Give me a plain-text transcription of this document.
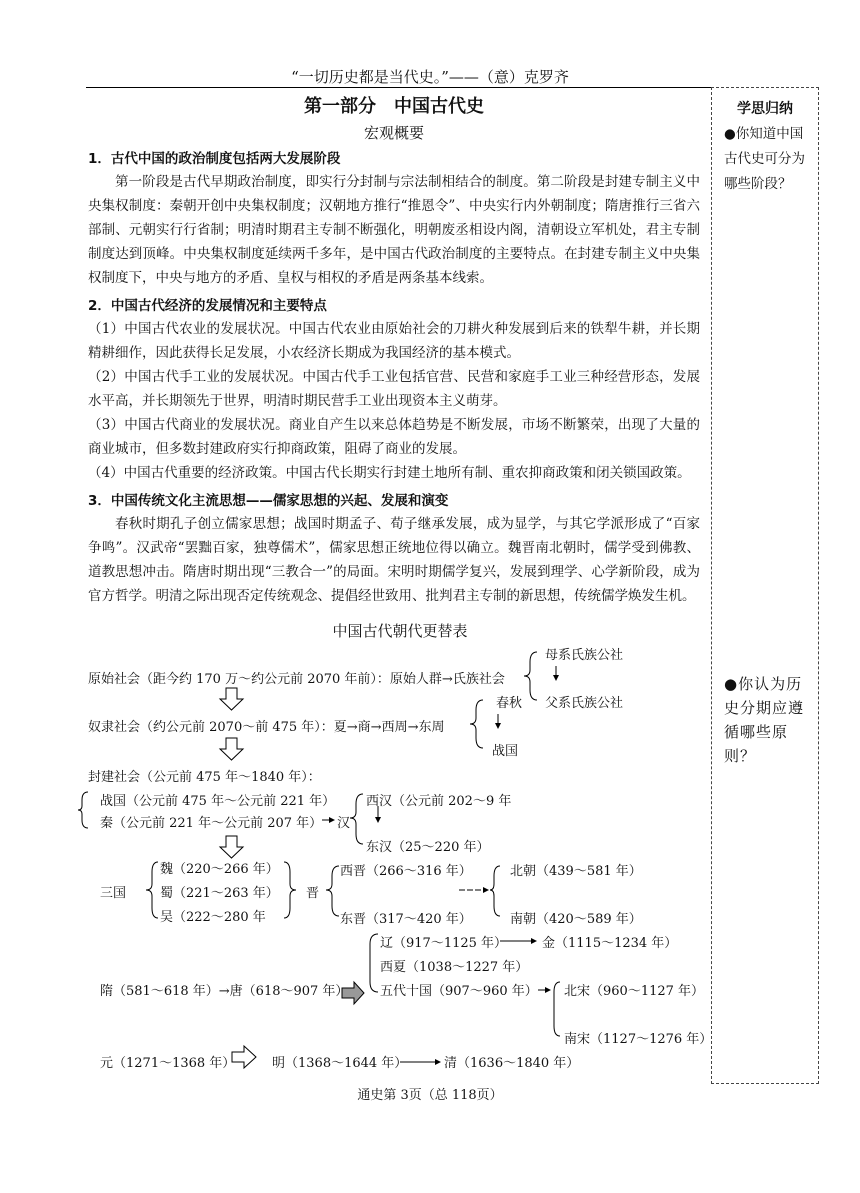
“一切历史都是当代史。”——（意）克罗齐
第一部分　中国古代史
宏观概要
1．古代中国的政治制度包括两大发展阶段
第一阶段是古代早期政治制度，即实行分封制与宗法制相结合的制度。第二阶段是封建专制主义中央集权制度：秦朝开创中央集权制度；汉朝地方推行“推恩令”、中央实行内外朝制度；隋唐推行三省六部制、元朝实行行省制；明清时期君主专制不断强化，明朝废丞相设内阁，清朝设立军机处，君主专制制度达到顶峰。中央集权制度延续两千多年，是中国古代政治制度的主要特点。在封建专制主义中央集权制度下，中央与地方的矛盾、皇权与相权的矛盾是两条基本线索。
2．中国古代经济的发展情况和主要特点
（1）中国古代农业的发展状况。中国古代农业由原始社会的刀耕火种发展到后来的铁犁牛耕，并长期精耕细作，因此获得长足发展，小农经济长期成为我国经济的基本模式。
（2）中国古代手工业的发展状况。中国古代手工业包括官营、民营和家庭手工业三种经营形态，发展水平高，并长期领先于世界，明清时期民营手工业出现资本主义萌芽。
（3）中国古代商业的发展状况。商业自产生以来总体趋势是不断发展，市场不断繁荣，出现了大量的商业城市，但多数封建政府实行抑商政策，阻碍了商业的发展。
（4）中国古代重要的经济政策。中国古代长期实行封建土地所有制、重农抑商政策和闭关锁国政策。
3．中国传统文化主流思想——儒家思想的兴起、发展和演变
春秋时期孔子创立儒家思想；战国时期孟子、荀子继承发展，成为显学，与其它学派形成了“百家争鸣”。汉武帝“罢黜百家，独尊儒术”，儒家思想正统地位得以确立。魏晋南北朝时，儒学受到佛教、道教思想冲击。隋唐时期出现“三教合一”的局面。宋明时期儒学复兴，发展到理学、心学新阶段，成为官方哲学。明清之际出现否定传统观念、提倡经世致用、批判君主专制的新思想，传统儒学焕发生机。
学思归纳
●你知道中国古代史可分为哪些阶段？
●你认为历史分期应遵循哪些原则？
中国古代朝代更替表
母系氏族公社
原始社会（距今约 170 万～约公元前 2070 年前）：原始人群→氏族社会
父系氏族公社
春秋
奴隶社会（约公元前 2070～前 475 年）：夏→商→西周→东周
战国
封建社会（公元前 475 年～1840 年）：
战国（公元前 475 年～公元前 221 年） 西汉（公元前 202～9 年
秦（公元前 221 年～公元前 207 年） 汉
东汉（25～220 年）
魏（220～266 年）	西晋（266～316 年）	北朝（439～581 年）
三国	蜀（221～263 年） 晋
吴（222～280 年	东晋（317～420 年）	南朝（420～589 年）
辽（917～1125 年）	金（1115～1234 年）
西夏（1038～1227 年）
隋（581～618 年）→唐（618～907 年） 五代十国（907～960 年） 北宋（960～1127 年）
南宋（1127～1276 年）
元（1271～1368 年）	明（1368～1644 年）	清（1636～1840 年）
通史第 3页（总 118页）
